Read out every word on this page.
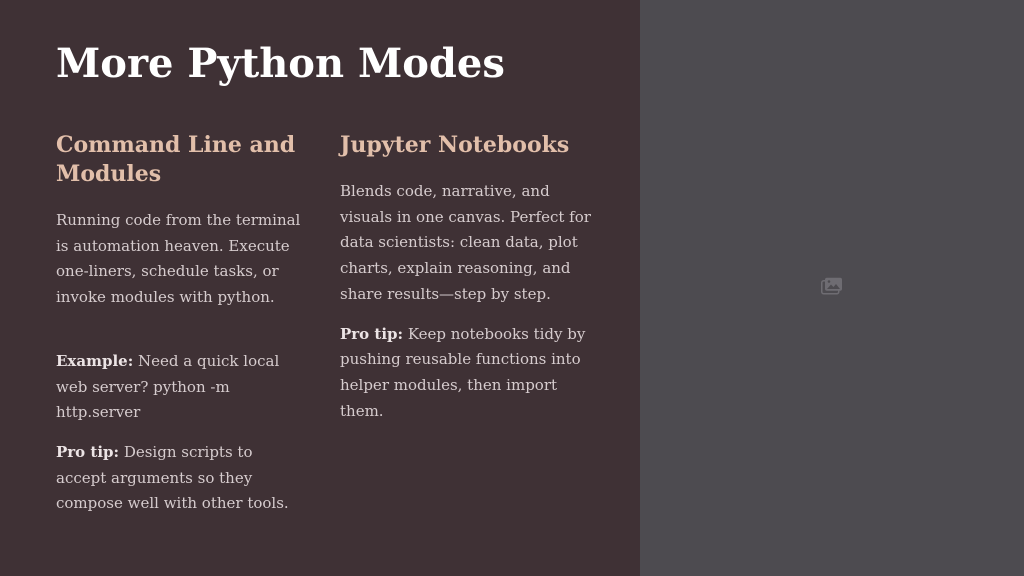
More Python Modes
Command Line and Modules

Running code from the terminal is automation heaven. Execute one-liners, schedule tasks, or invoke modules with python.

Example: Need a quick local web server? python -m http.server

Pro tip: Design scripts to accept arguments so they compose well with other tools.

Jupyter Notebooks

Blends code, narrative, and visuals in one canvas. Perfect for data scientists: clean data, plot charts, explain reasoning, and share results—step by step.

Pro tip: Keep notebooks tidy by pushing reusable functions into helper modules, then import them.
